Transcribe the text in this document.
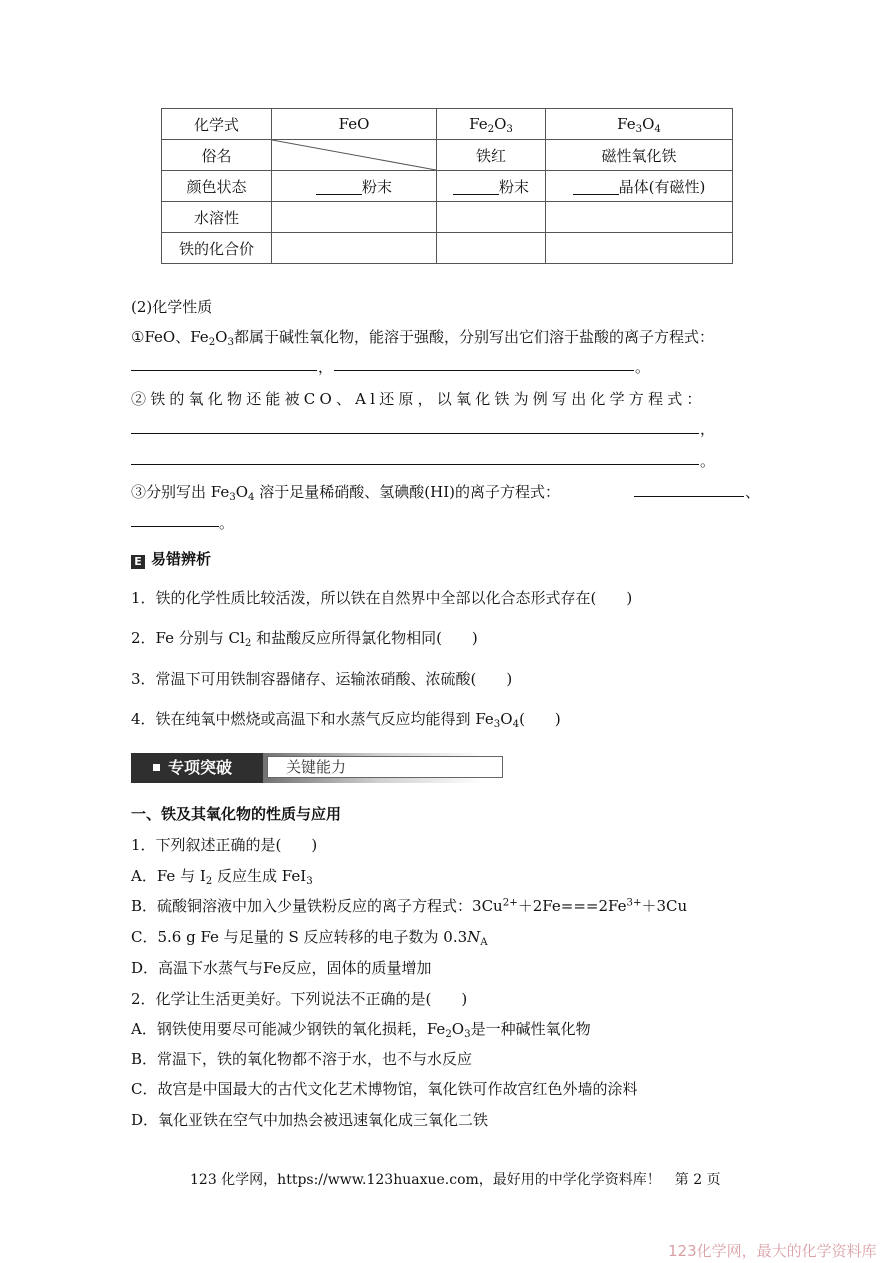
化学式	FeO	$Fe_2O_3$	$Fe_3O_4$
俗名		铁红	磁性氧化铁
颜色状态	粉末	粉末	晶体(有磁性)
水溶性			
铁的化合价			
(2)化学性质
①FeO、$Fe_2O_3$都属于碱性氧化物，能溶于强酸，分别写出它们溶于盐酸的离子方程式：
，	。
②铁的氧化物还能被CO、Al还原，以氧化铁为例写出化学方程式：
，
。
③分别写出 $Fe_3O_4$ 溶于足量稀硝酸、氢碘酸(HI)的离子方程式：	、
。
E 易错辨析
1．铁的化学性质比较活泼，所以铁在自然界中全部以化合态形式存在(　　)
2．Fe 分别与 $Cl_2$ 和盐酸反应所得氯化物相同(　　)
3．常温下可用铁制容器储存、运输浓硝酸、浓硫酸(　　)
4．铁在纯氧中燃烧或高温下和水蒸气反应均能得到 $Fe_3O_4$(　　)
专项突破	关键能力
一、铁及其氧化物的性质与应用
1．下列叙述正确的是(　　)
A．Fe 与 $I_2$ 反应生成 FeI$_3$
B．硫酸铜溶液中加入少量铁粉反应的离子方程式：$3Cu^{2+}+2Fe===2Fe^{3+}+3Cu$
C．5.6 g Fe 与足量的 S 反应转移的电子数为 $0.3N_A$
D．高温下水蒸气与Fe反应，固体的质量增加
2．化学让生活更美好。下列说法不正确的是(　　)
A．钢铁使用要尽可能减少钢铁的氧化损耗，$Fe_2O_3$是一种碱性氧化物
B．常温下，铁的氧化物都不溶于水，也不与水反应
C．故宫是中国最大的古代文化艺术博物馆，氧化铁可作故宫红色外墙的涂料
D．氧化亚铁在空气中加热会被迅速氧化成三氧化二铁
123 化学网，https://www.123huaxue.com，最好用的中学化学资料库！　第 2 页
123化学网，最大的化学资料库
